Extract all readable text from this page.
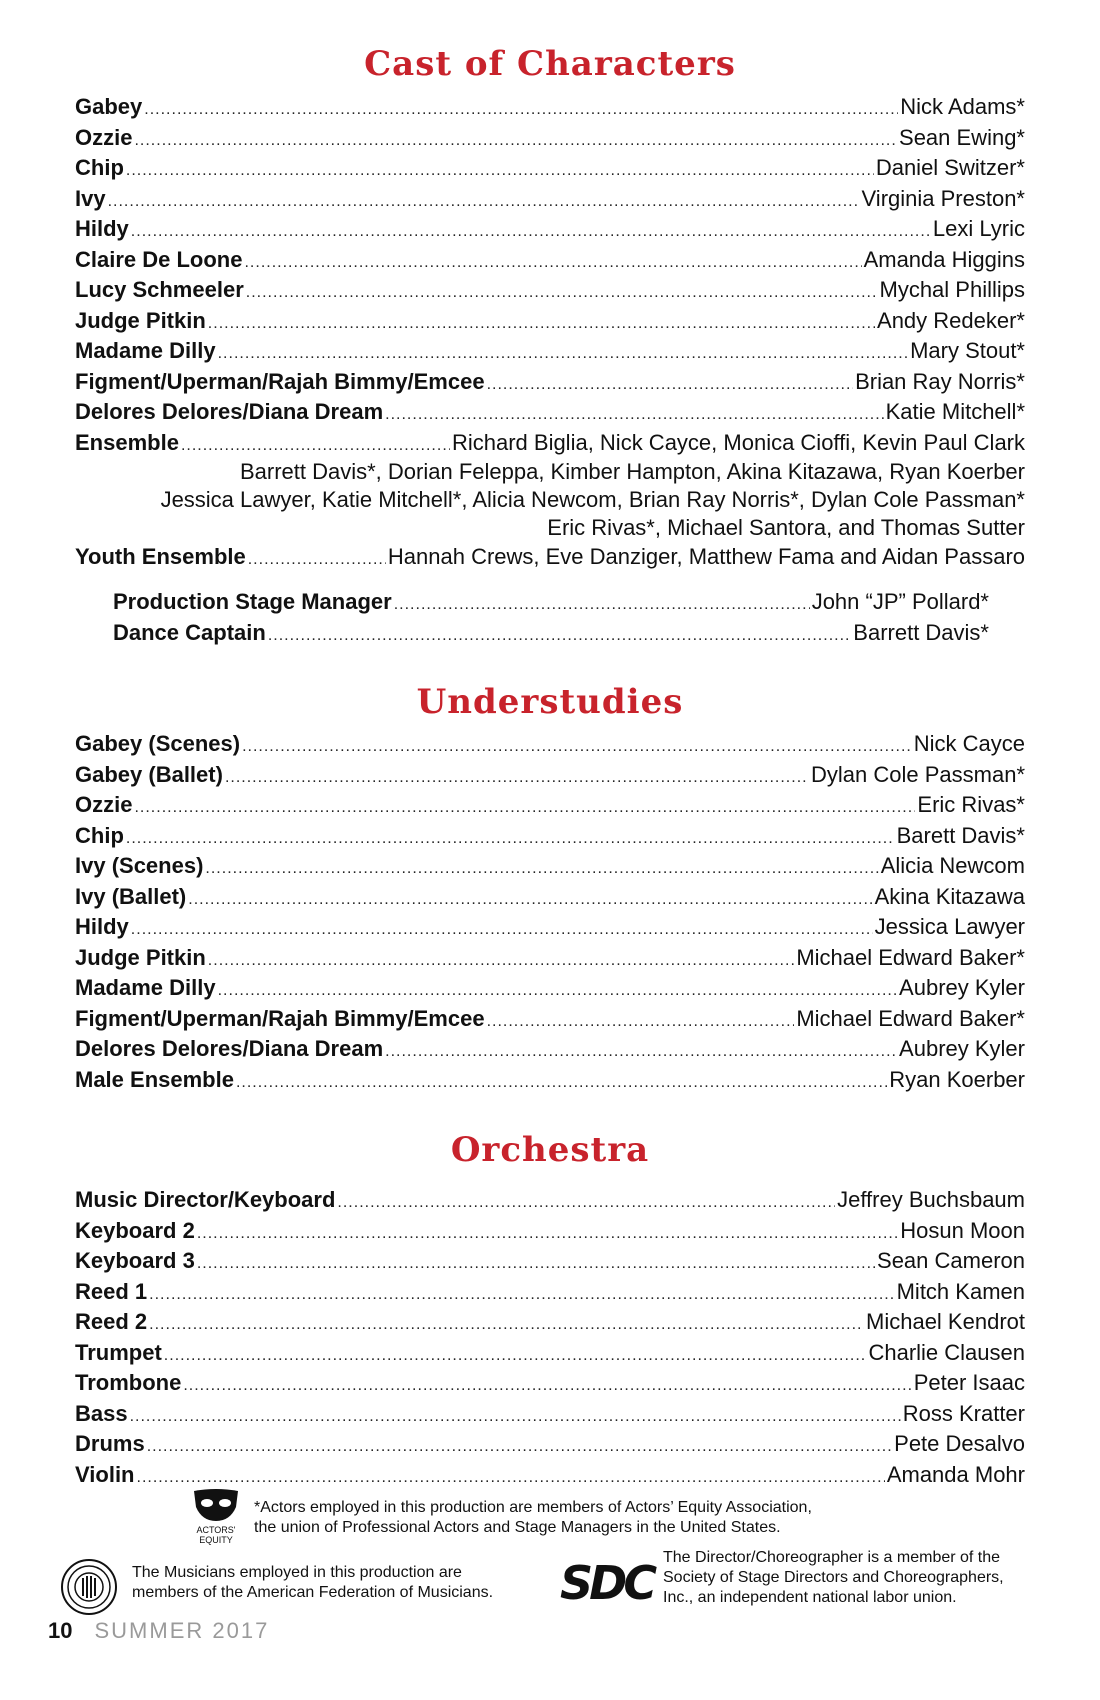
Cast of Characters
Gabey .....	Nick Adams*
Ozzie .....	Sean Ewing*
Chip .....	Daniel Switzer*
Ivy .....	Virginia Preston*
Hildy .....	Lexi Lyric
Claire De Loone .....	Amanda Higgins
Lucy Schmeeler .....	Mychal Phillips
Judge Pitkin .....	Andy Redeker*
Madame Dilly .....	Mary Stout*
Figment/Uperman/Rajah Bimmy/Emcee .....	Brian Ray Norris*
Delores Delores/Diana Dream .....	Katie Mitchell*
Ensemble .....	Richard Biglia, Nick Cayce, Monica Cioffi, Kevin Paul Clark
Barrett Davis*, Dorian Feleppa, Kimber Hampton, Akina Kitazawa, Ryan Koerber
Jessica Lawyer, Katie Mitchell*, Alicia Newcom, Brian Ray Norris*, Dylan Cole Passman*
Eric Rivas*, Michael Santora, and Thomas Sutter
Youth Ensemble .....	Hannah Crews, Eve Danziger, Matthew Fama and Aidan Passaro
Production Stage Manager .....	John “JP” Pollard*
Dance Captain .....	Barrett Davis*
Understudies
Gabey (Scenes) .....	Nick Cayce
Gabey (Ballet) .....	Dylan Cole Passman*
Ozzie .....	Eric Rivas*
Chip .....	Barett Davis*
Ivy (Scenes) .....	Alicia Newcom
Ivy (Ballet) .....	Akina Kitazawa
Hildy .....	Jessica Lawyer
Judge Pitkin .....	Michael Edward Baker*
Madame Dilly .....	Aubrey Kyler
Figment/Uperman/Rajah Bimmy/Emcee .....	Michael Edward Baker*
Delores Delores/Diana Dream .....	Aubrey Kyler
Male Ensemble .....	Ryan Koerber
Orchestra
Music Director/Keyboard .....	Jeffrey Buchsbaum
Keyboard 2 .....	Hosun Moon
Keyboard 3 .....	Sean Cameron
Reed 1 .....	Mitch Kamen
Reed 2 .....	Michael Kendrot
Trumpet .....	Charlie Clausen
Trombone .....	Peter Isaac
Bass .....	Ross Kratter
Drums .....	Pete Desalvo
Violin .....	Amanda Mohr
ACTORS' EQUITY
*Actors employed in this production are members of Actors’ Equity Association,
the union of Professional Actors and Stage Managers in the United States.
The Musicians employed in this production are
members of the American Federation of Musicians. SDC The Director/Choreographer is a member of the
Society of Stage Directors and Choreographers,
Inc., an independent national labor union.
10 SUMMER 2017
